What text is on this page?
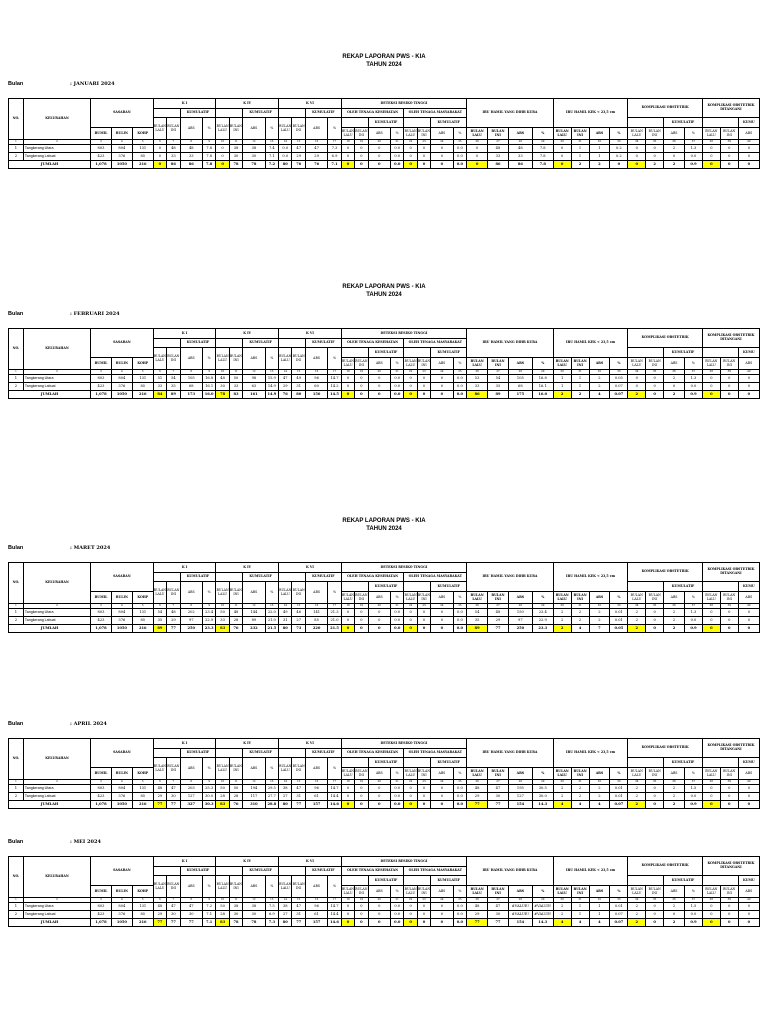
REKAP LAPORAN PWS - KIA
TAHUN 2024
Bulan	: JANUARI 2024
NO.	KELURAHAN	SASARAN			K I				K IV				K VI				DETEKSI RESIKO TINGGI								IBU HAMIL YANG DIHB KURA				IBU HAMIL KEK < 23,5 cm				KOMPLIKASI OBSTETRIK				KOMPLIKASI OBSTETRIK DITANGANI		
							KUMULATIF				KUMULATIF				KUMULATIF		OLEH TENAGA KESEHATAN				OLEH TENAGA MASYARAKAT																		
					BULAN LALU	BULAN INI	ABS	%	BULAN LALU	BULAN INI	ABS	%	BULAN LALU	BULAN INI	ABS	%			KUMULATIF				KUMULATIF												KUMULATIF				KUMU
		BUMIL	BULIN	KOHP													BULAN LALU	BULAN INI	ABS	%	BULAN LALU	BULAN INI	ABS	%	BULAN LALU	BULAN INI	ABS	%	BULAN LALU	BULAN INI	ABS	%	BULAN LALU	BULAN INI	ABS	%	BULAN LALU	BULAN INI	ABS
1	2	3	4	5	6	7	8	9	10	11	12	13	14	15	16	17	18	19	20	21	22	23	24	25	26	27	28	29	30	31	32	33	34	35	36	37	38	39	40
1	Tangkerang Utara	803	804	131	0	48	48	7.8	0	38	38	7.4	0.0	47	47	7.3	0	0	0	0.0	0	0	0	0.0	0	48	48	7.8	0	1	1	0.2	0	0	2	1.3	0	0	0
2	Tangkerang Labuai	423	376	85	0	33	33	7.8	0	30	30	7.1	0.0	29	29	6.9	0	0	0	0.0	0	0	0	0.0	0	33	33	7.8	0	1	1	0.2	0	0	0	0.0	0	0	0
JUMLAH		1,078	1050	216	0	86	86	7.8	0	78	78	7.2	80	76	76	7.1	0	0	0	0.0	0	0	0	0.0	0	86	86	7.8	0	2	2	0	0	2	2	0.9	0	0	0
REKAP LAPORAN PWS - KIA
TAHUN 2024
Bulan	: FEBRUARI 2024
NO.	KELURAHAN	SASARAN			K I				K IV				K VI				DETEKSI RESIKO TINGGI								IBU HAMIL YANG DIHB KURA				IBU HAMIL KEK < 23,5 cm				KOMPLIKASI OBSTETRIK				KOMPLIKASI OBSTETRIK DITANGANI		
							KUMULATIF				KUMULATIF				KUMULATIF		OLEH TENAGA KESEHATAN				OLEH TENAGA MASYARAKAT																		
					BULAN LALU	BULAN INI	ABS	%	BULAN LALU	BULAN INI	ABS	%	BULAN LALU	BULAN INI	ABS	%			KUMULATIF				KUMULATIF												KUMULATIF				KUMU
		BUMIL	BULIN	KOHP													BULAN LALU	BULAN INI	ABS	%	BULAN LALU	BULAN INI	ABS	%	BULAN LALU	BULAN INI	ABS	%	BULAN LALU	BULAN INI	ABS	%	BULAN LALU	BULAN INI	ABS	%	BULAN LALU	BULAN INI	ABS
1	2	3	4	5	6	7	8	9	10	11	12	13	14	15	16	17	18	19	20	21	22	23	24	25	26	27	28	29	30	31	32	33	34	35	36	37	38	39	40
1	Tangkerang Utara	803	804	131	51	54	105	16.8	48	50	98	15.9	47	49	96	14.7	0	0	0	0.0	0	0	0	0.0	53	54	105	16.8	1	1	2	0.05	0	0	2	1.3	0	0	0
2	Tangkerang Labuai	423	376	85	33	35	68	16.1	30	33	63	14.9	29	31	60	14.2	0	0	0	0.0	0	0	0	0.0	33	35	68	16.1	1	1	2	0.07	0	0	0	0.0	0	0	0
JUMLAH		1,078	1050	216	84	89	173	16.0	78	83	161	14.9	76	80	156	14.5	0	0	0	0.0	0	0	0	0.0	86	89	175	16.0	2	2	4	0.07	2	0	2	0.9	0	0	0
REKAP LAPORAN PWS - KIA
TAHUN 2024
Bulan	: MARET 2024
NO.	KELURAHAN	SASARAN			K I				K IV				K VI				DETEKSI RESIKO TINGGI								IBU HAMIL YANG DIHB KURA				IBU HAMIL KEK < 23,5 cm				KOMPLIKASI OBSTETRIK				KOMPLIKASI OBSTETRIK DITANGANI		
							KUMULATIF				KUMULATIF				KUMULATIF		OLEH TENAGA KESEHATAN				OLEH TENAGA MASYARAKAT																		
					BULAN LALU	BULAN INI	ABS	%	BULAN LALU	BULAN INI	ABS	%	BULAN LALU	BULAN INI	ABS	%			KUMULATIF				KUMULATIF												KUMULATIF				KUMU
		BUMIL	BULIN	KOHP													BULAN LALU	BULAN INI	ABS	%	BULAN LALU	BULAN INI	ABS	%	BULAN LALU	BULAN INI	ABS	%	BULAN LALU	BULAN INI	ABS	%	BULAN LALU	BULAN INI	ABS	%	BULAN LALU	BULAN INI	ABS
1	2	3	4	5	6	7	8	9	10	11	12	13	14	15	16	17	18	19	20	21	22	23	24	25	26	27	28	29	30	31	32	33	34	35	36	37	38	39	40
1	Tangkerang Utara	803	804	131	54	48	202	23.4	50	48	144	22.0	49	46	141	21.3	0	0	0	0.0	0	0	0	0.0	54	48	150	23.4	2	2	2	0.01	2	0	2	1.3	0	0	0
2	Tangkerang Labuai	423	376	85	35	29	97	22.9	33	28	89	21.0	31	27	85	21.0	0	0	0	0.0	0	0	0	0.0	35	29	97	22.9	2	2	2	0.01	2	0	2	0.0	0	0	0
JUMLAH		1,078	1050	216	89	77	250	23.3	83	76	232	21.5	80	73	220	21.5	0	0	0	0.0	0	0	0	0.0	89	77	250	23.3	2	4	7	0.05	2	0	2	0.9	0	0	0
Bulan	: APRIL 2024
NO.	KELURAHAN	SASARAN			K I				K IV				K VI				DETEKSI RESIKO TINGGI								IBU HAMIL YANG DIHB KURA				IBU HAMIL KEK < 23,5 cm				KOMPLIKASI OBSTETRIK				KOMPLIKASI OBSTETRIK DITANGANI		
							KUMULATIF				KUMULATIF				KUMULATIF		OLEH TENAGA KESEHATAN				OLEH TENAGA MASYARAKAT																		
					BULAN LALU	BULAN INI	ABS	%	BULAN LALU	BULAN INI	ABS	%	BULAN LALU	BULAN INI	ABS	%			KUMULATIF				KUMULATIF												KUMULATIF				KUMU
		BUMIL	BULIN	KOHP													BULAN LALU	BULAN INI	ABS	%	BULAN LALU	BULAN INI	ABS	%	BULAN LALU	BULAN INI	ABS	%	BULAN LALU	BULAN INI	ABS	%	BULAN LALU	BULAN INI	ABS	%	BULAN LALU	BULAN INI	ABS
1	2	3	4	5	6	7	8	9	10	11	12	13	14	15	16	17	18	19	20	21	22	23	24	25	26	27	28	29	30	31	32	33	34	35	36	37	38	39	40
1	Tangkerang Utara	803	804	131	48	47	203	25.3	50	50	194	29.5	38	47	96	14.7	0	0	0	0.0	0	0	0	0.0	48	47	195	30.5	2	2	2	0.01	2	0	2	1.5	0	0	0
2	Tangkerang Labuai	423	376	85	29	30	127	30.0	28	28	117	27.7	27	31	61	14.4	0	0	0	0.0	0	0	0	0.0	29	30	127	30.0	2	2	2	0.01	2	0	2	0.0	0	0	0
JUMLAH		1,078	1050	216	77	77	327	30.3	83	76	310	28.8	80	77	157	14.6	0	0	0	0.0	0	0	0	0.0	77	77	154	14.3	4	4	4	0.07	2	0	2	0.9	0	0	0
Bulan	: MEI 2024
NO.	KELURAHAN	SASARAN			K I				K IV				K VI				DETEKSI RESIKO TINGGI								IBU HAMIL YANG DIHB KURA				IBU HAMIL KEK < 23,5 cm				KOMPLIKASI OBSTETRIK				KOMPLIKASI OBSTETRIK DITANGANI		
							KUMULATIF				KUMULATIF				KUMULATIF		OLEH TENAGA KESEHATAN				OLEH TENAGA MASYARAKAT																		
					BULAN LALU	BULAN INI	ABS	%	BULAN LALU	BULAN INI	ABS	%	BULAN LALU	BULAN INI	ABS	%			KUMULATIF				KUMULATIF												KUMULATIF				KUMU
		BUMIL	BULIN	KOHP													BULAN LALU	BULAN INI	ABS	%	BULAN LALU	BULAN INI	ABS	%	BULAN LALU	BULAN INI	ABS	%	BULAN LALU	BULAN INI	ABS	%	BULAN LALU	BULAN INI	ABS	%	BULAN LALU	BULAN INI	ABS
1	2	3	4	5	6	7	8	9	10	11	12	13	14	15	16	17	18	19	20	21	22	23	24	25	26	27	28	29	30	31	32	33	34	35	36	37	38	39	40
1	Tangkerang Utara	803	804	131	48	47	47	7.2	50	38	38	7.5	38	47	96	14.7	0	0	0	0.0	0	0	0	0.0	48	47	#VALUE!	#VALUE!	2	1	1	0.01	2	0	2	1.5	0	0	0
2	Tangkerang Labuai	423	376	85	29	30	30	7.1	28	30	30	6.9	27	31	61	14.4	0	0	0	0.0	0	0	0	0.0	29	30	#VALUE!	#VALUE!	2	1	1	0.07	2	0	0	0.0	0	0	0
JUMLAH		1,078	1050	216	77	77	77	7.1	83	78	78	7.3	80	77	157	14.6	0	0	0	0.0	0	0	0	0.0	77	77	154	14.3	4	4	4	0.07	2	0	2	0.9	0	0	0
